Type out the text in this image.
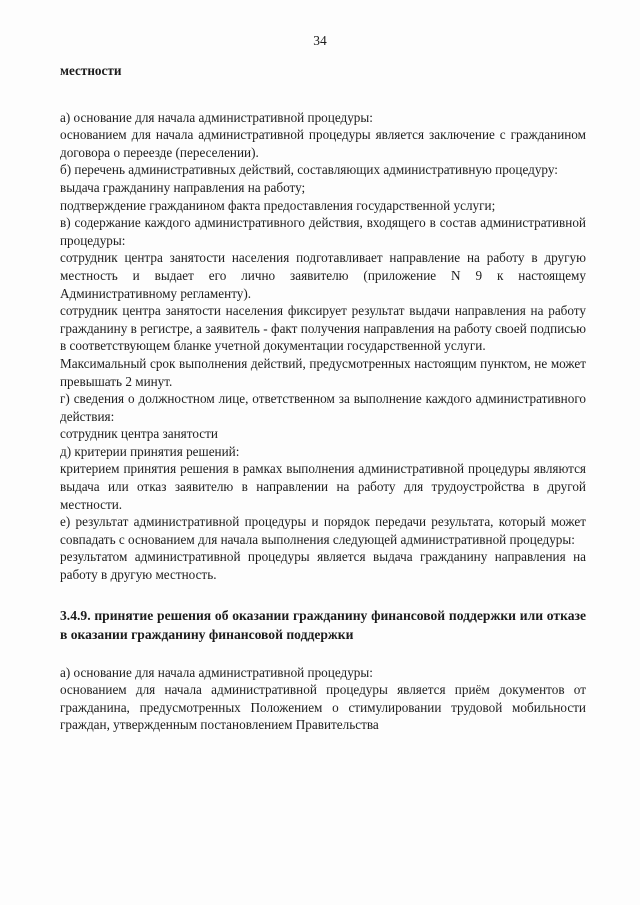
34
местности

а) основание для начала административной процедуры:

основанием для начала административной процедуры является заключение с гражданином договора о переезде (переселении).

б) перечень административных действий, составляющих административную процедуру:

выдача гражданину направления на работу;

подтверждение гражданином факта предоставления государственной услуги;

в) содержание каждого административного действия, входящего в состав административной процедуры:

сотрудник центра занятости населения подготавливает направление на работу в другую местность и выдает его лично заявителю (приложение N 9 к настоящему Административному регламенту).

сотрудник центра занятости населения фиксирует результат выдачи направления на работу гражданину в регистре, а заявитель - факт получения направления на работу своей подписью в соответствующем бланке учетной документации государственной услуги.

Максимальный срок выполнения действий, предусмотренных настоящим пунктом, не может превышать 2 минут.

г) сведения о должностном лице, ответственном за выполнение каждого административного действия:

сотрудник центра занятости

д) критерии принятия решений:

критерием принятия решения в рамках выполнения административной процедуры являются выдача или отказ заявителю в направлении на работу для трудоустройства в другой местности.

е) результат административной процедуры и порядок передачи результата, который может совпадать с основанием для начала выполнения следующей административной процедуры:

результатом административной процедуры является выдача гражданину направления на работу в другую местность.

3.4.9. принятие решения об оказании гражданину финансовой поддержки или отказе в оказании гражданину финансовой поддержки

а) основание для начала административной процедуры:

основанием для начала административной процедуры является приём документов от гражданина, предусмотренных Положением о стимулировании трудовой мобильности граждан, утвержденным постановлением Правительства
